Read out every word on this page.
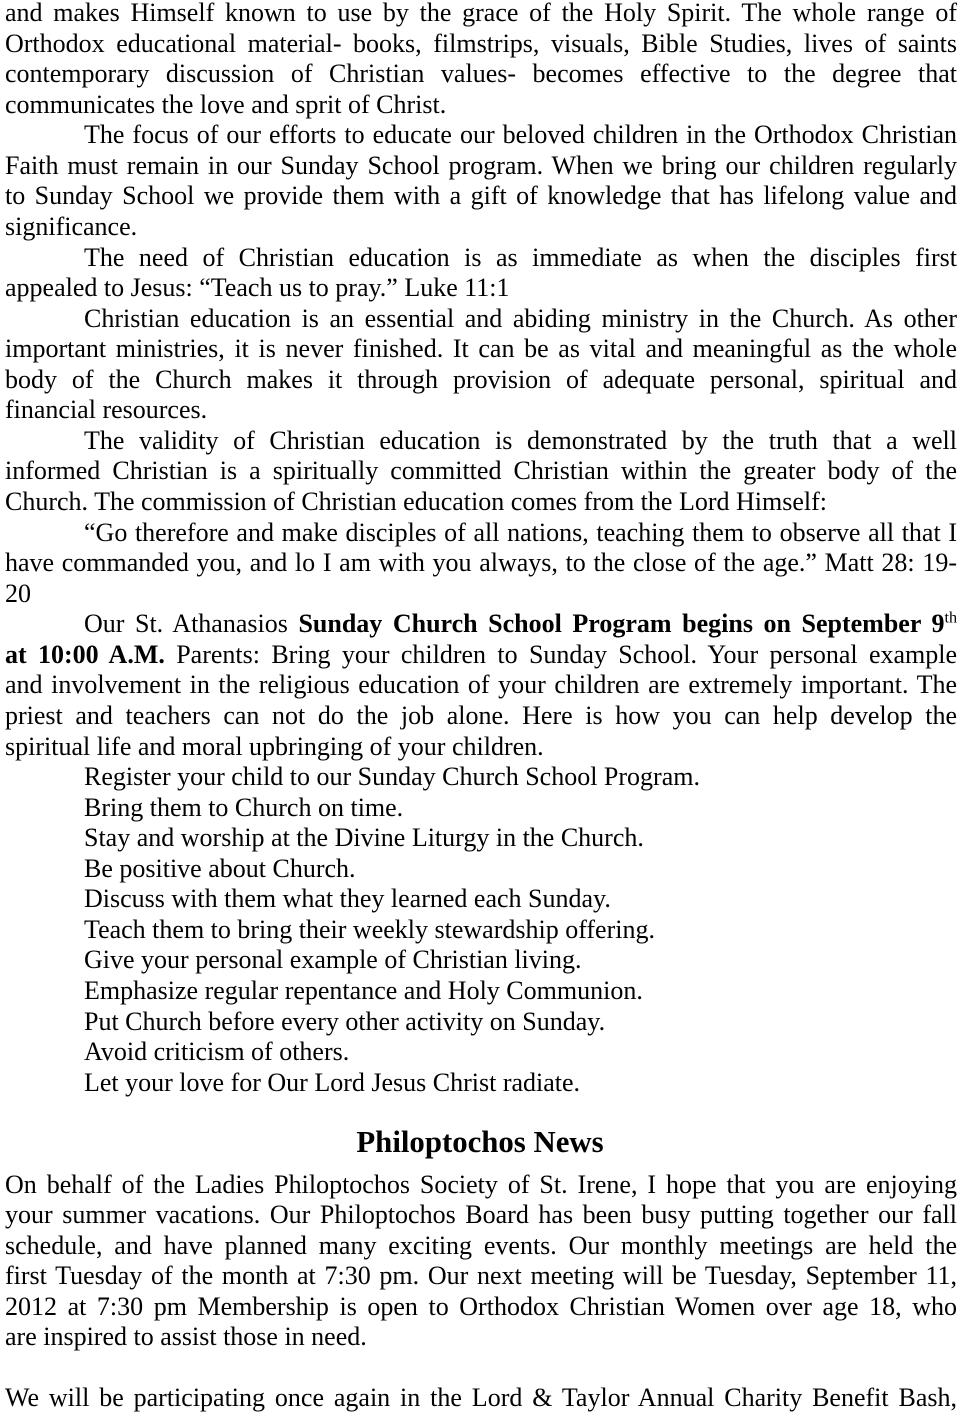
and makes Himself known to use by the grace of the Holy Spirit. The whole range of
Orthodox educational material- books, filmstrips, visuals, Bible Studies, lives of saints
contemporary discussion of Christian values- becomes effective to the degree that
communicates the love and sprit of Christ.
The focus of our efforts to educate our beloved children in the Orthodox Christian
Faith must remain in our Sunday School program. When we bring our children regularly
to Sunday School we provide them with a gift of knowledge that has lifelong value and
significance.
The need of Christian education is as immediate as when the disciples first
appealed to Jesus: “Teach us to pray.” Luke 11:1
Christian education is an essential and abiding ministry in the Church. As other
important ministries, it is never finished. It can be as vital and meaningful as the whole
body of the Church makes it through provision of adequate personal, spiritual and
financial resources.
The validity of Christian education is demonstrated by the truth that a well
informed Christian is a spiritually committed Christian within the greater body of the
Church. The commission of Christian education comes from the Lord Himself:
“Go therefore and make disciples of all nations, teaching them to observe all that I
have commanded you, and lo I am with you always, to the close of the age.” Matt 28: 19-
20
Our St. Athanasios Sunday Church School Program begins on September 9th
at 10:00 A.M. Parents: Bring your children to Sunday School. Your personal example
and involvement in the religious education of your children are extremely important. The
priest and teachers can not do the job alone. Here is how you can help develop the
spiritual life and moral upbringing of your children.
Register your child to our Sunday Church School Program.
Bring them to Church on time.
Stay and worship at the Divine Liturgy in the Church.
Be positive about Church.
Discuss with them what they learned each Sunday.
Teach them to bring their weekly stewardship offering.
Give your personal example of Christian living.
Emphasize regular repentance and Holy Communion.
Put Church before every other activity on Sunday.
Avoid criticism of others.
Let your love for Our Lord Jesus Christ radiate.
Philoptochos News
On behalf of the Ladies Philoptochos Society of St. Irene, I hope that you are enjoying
your summer vacations. Our Philoptochos Board has been busy putting together our fall
schedule, and have planned many exciting events. Our monthly meetings are held the
first Tuesday of the month at 7:30 pm. Our next meeting will be Tuesday, September 11,
2012 at 7:30 pm Membership is open to Orthodox Christian Women over age 18, who
are inspired to assist those in need.
We will be participating once again in the Lord & Taylor Annual Charity Benefit Bash,
